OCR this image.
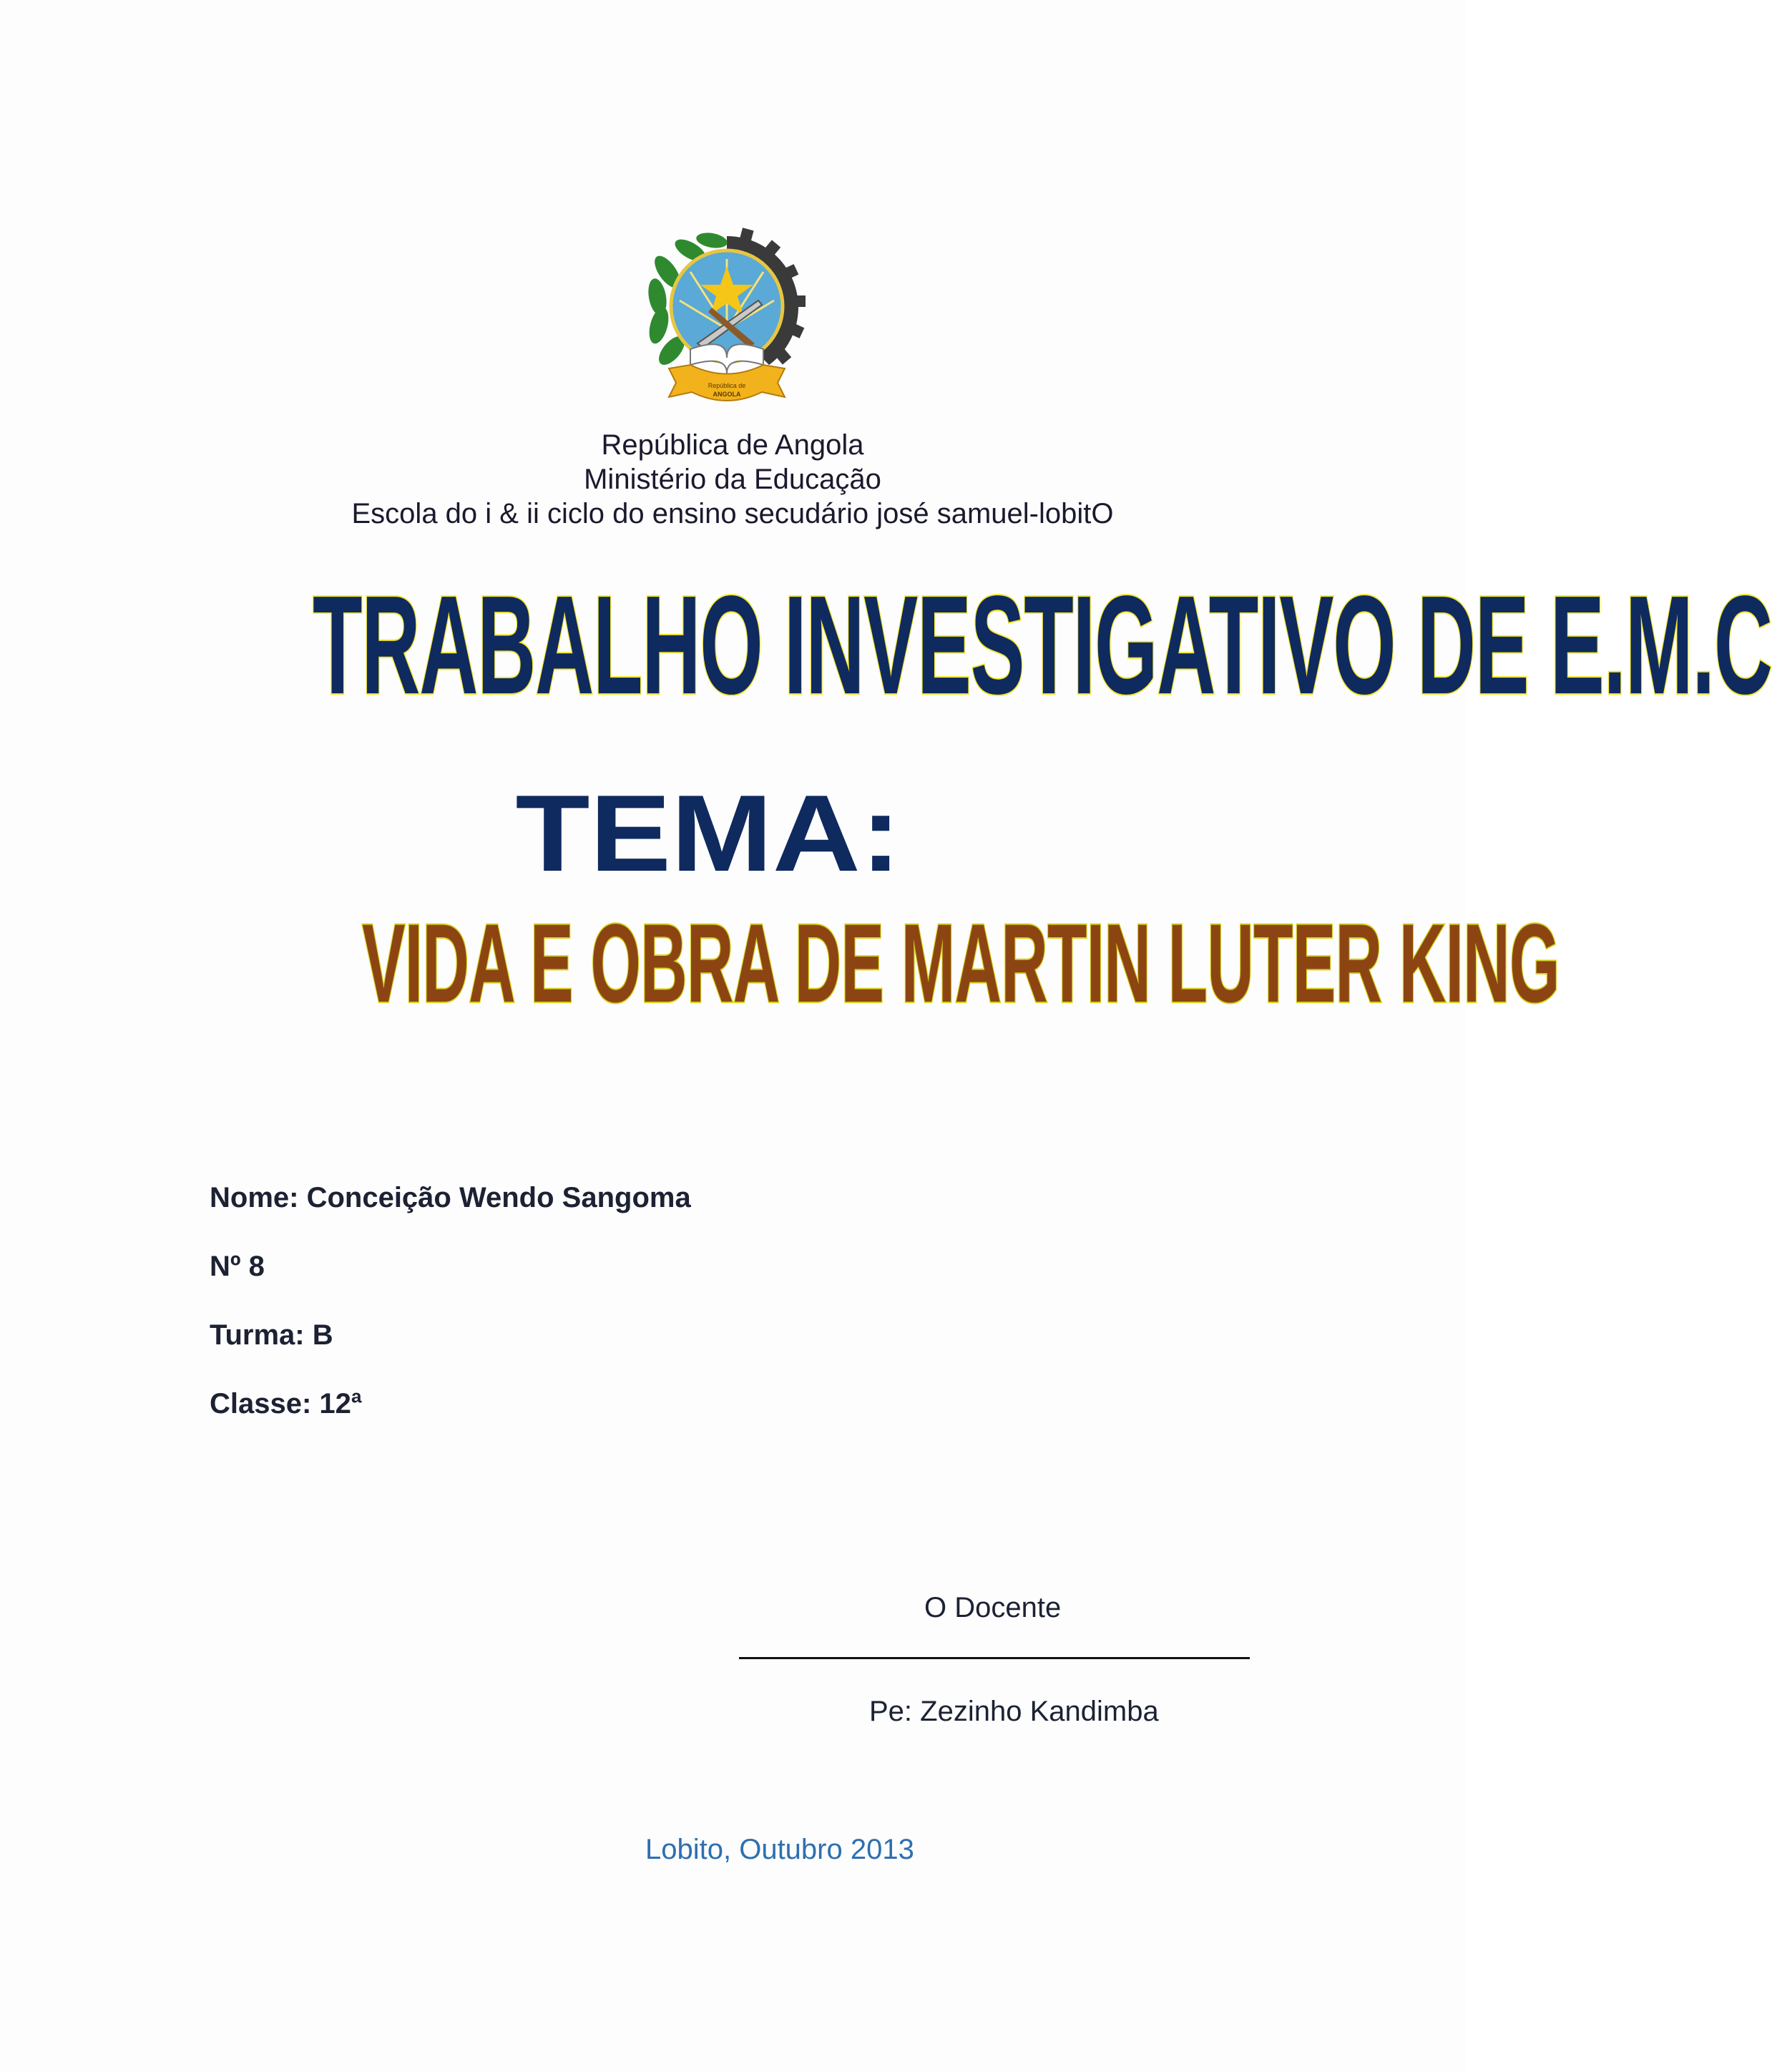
República de
ANGOLA
República de Angola
Ministério da Educação
Escola do i & ii ciclo do ensino secudário josé samuel-lobitO
TRABALHO INVESTIGATIVO DE E.M.C
TEMA:
VIDA E OBRA DE MARTIN LUTER KING
Nome: Conceição Wendo Sangoma
Nº 8
Turma: B
Classe: 12ª
O Docente
Pe: Zezinho Kandimba
Lobito, Outubro 2013
